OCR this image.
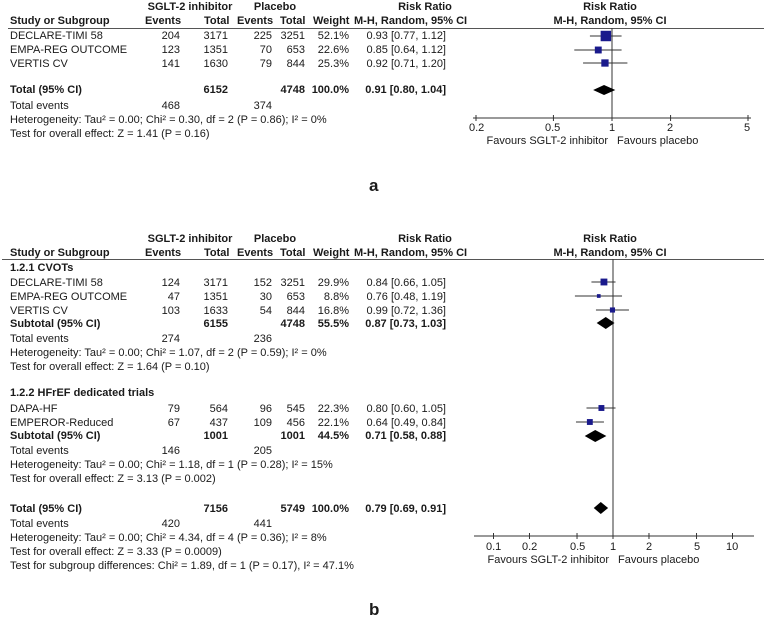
SGLT-2 inhibitor	Placebo	Risk Ratio	Risk Ratio
Study or Subgroup	Events Total Events Total Weight M-H, Random, 95% CI	M-H, Random, 95% CI
DECLARE-TIMI 58	204	3171	225 3251	52.1%	0.93 [0.77, 1.12]
EMPA-REG OUTCOME	123	1351	70	653	22.6%	0.85 [0.64, 1.12]
VERTIS CV	141	1630	79	844	25.3%	0.92 [0.71, 1.20]
Total (95% CI)	6152	4748 100.0%	0.91 [0.80, 1.04]
Total events	468	374
Heterogeneity: Tau² = 0.00; Chi² = 0.30, df = 2 (P = 0.86); I² = 0%
Test for overall effect: Z = 1.41 (P = 0.16)	0.2	0.5	1	2	5
Favours SGLT-2 inhibitor Favours placebo
a
SGLT-2 inhibitor	Placebo	Risk Ratio	Risk Ratio
Study or Subgroup	Events Total Events Total Weight M-H, Random, 95% CI	M-H, Random, 95% CI
1.2.1 CVOTs
DECLARE-TIMI 58	124	3171	152 3251	29.9%	0.84 [0.66, 1.05]
EMPA-REG OUTCOME	47	1351	30	653	8.8%	0.76 [0.48, 1.19]
VERTIS CV	103	1633	54	844	16.8%	0.99 [0.72, 1.36]
Subtotal (95% CI)	6155	4748	55.5%	0.87 [0.73, 1.03]
Total events	274	236
Heterogeneity: Tau² = 0.00; Chi² = 1.07, df = 2 (P = 0.59); I² = 0%
Test for overall effect: Z = 1.64 (P = 0.10)
1.2.2 HFrEF dedicated trials
DAPA-HF	79	564	96	545	22.3%	0.80 [0.60, 1.05]
EMPEROR-Reduced	67	437	109	456	22.1%	0.64 [0.49, 0.84]
Subtotal (95% CI)	1001	1001	44.5%	0.71 [0.58, 0.88]
Total events	146	205
Heterogeneity: Tau² = 0.00; Chi² = 1.18, df = 1 (P = 0.28); I² = 15%
Test for overall effect: Z = 3.13 (P = 0.002)
Total (95% CI)	7156	5749 100.0%	0.79 [0.69, 0.91]
Total events	420	441
Heterogeneity: Tau² = 0.00; Chi² = 4.34, df = 4 (P = 0.36); I² = 8%
Test for overall effect: Z = 3.33 (P = 0.0009)
Test for subgroup differences: Chi² = 1.89, df = 1 (P = 0.17), I² = 47.1%
0.1 0.2	0.5 1	2	5 10
Favours SGLT-2 inhibitor Favours placebo
b
